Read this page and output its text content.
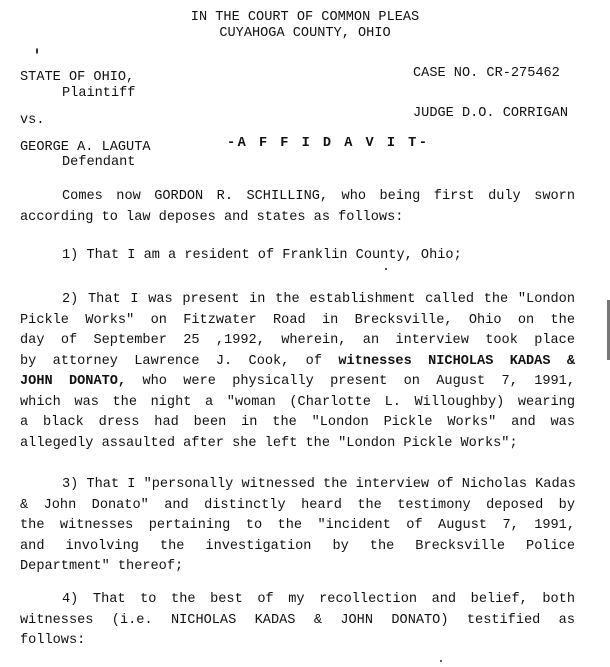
IN THE COURT OF COMMON PLEAS
CUYAHOGA COUNTY, OHIO
STATE OF OHIO,
Plaintiff
CASE NO. CR-275462
vs.	JUDGE D.O. CORRIGAN
GEORGE A. LAGUTA
Defendant
-A F F I D A V I T-
Comes now GORDON R. SCHILLING, who being first duly sworn
according to law deposes and states as follows:
1) That I am a resident of Franklin County, Ohio;
2) That I was present in the establishment called the "London
Pickle Works" on Fitzwater Road in Brecksville, Ohio on the
day of September 25 ,1992, wherein, an interview took place
by attorney Lawrence J. Cook, of witnesses NICHOLAS KADAS &
JOHN DONATO, who were physically present on August 7, 1991,
which was the night a "woman (Charlotte L. Willoughby) wearing
a black dress had been in the "London Pickle Works" and was
allegedly assaulted after she left the "London Pickle Works";
3) That I "personally witnessed the interview of Nicholas Kadas
& John Donato" and distinctly heard the testimony deposed by
the witnesses pertaining to the "incident of August 7, 1991,
and involving the investigation by the Brecksville Police
Department" thereof;
4) That to the best of my recollection and belief, both
witnesses (i.e. NICHOLAS KADAS & JOHN DONATO) testified as
follows:
